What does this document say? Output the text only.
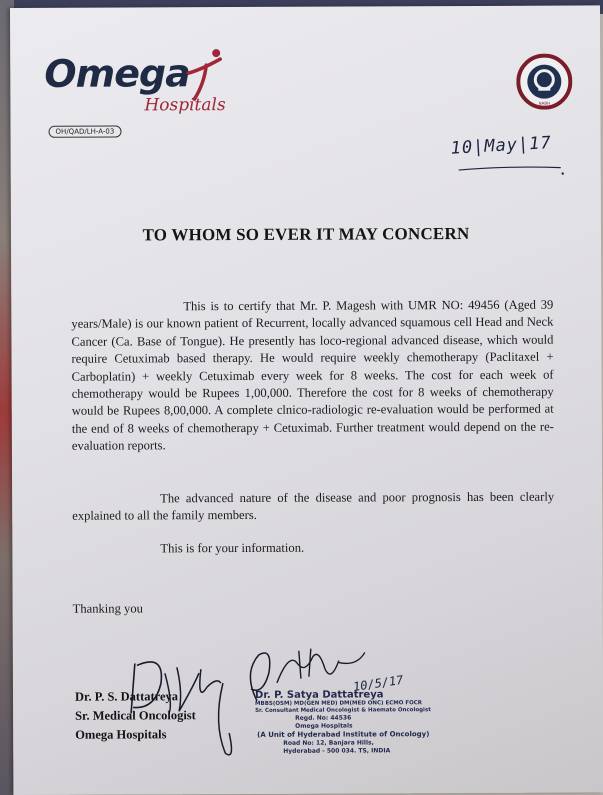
Omega
Hospitals
OH/QAD/LH-A-03
NABH
10|May|17
TO WHOM SO EVER IT MAY CONCERN

This is to certify that Mr. P. Magesh with UMR NO: 49456 (Aged 39 years/Male) is our known patient of Recurrent, locally advanced squamous cell Head and Neck Cancer (Ca. Base of Tongue). He presently has loco-regional advanced disease, which would require Cetuximab based therapy. He would require weekly chemotherapy (Paclitaxel + Carboplatin) + weekly Cetuximab every week for 8 weeks. The cost for each week of chemotherapy would be Rupees 1,00,000. Therefore the cost for 8 weeks of chemotherapy would be Rupees 8,00,000. A complete clnico-radiologic re-evaluation would be performed at the end of 8 weeks of chemotherapy + Cetuximab. Further treatment would depend on the re-evaluation reports.

The advanced nature of the disease and poor prognosis has been clearly explained to all the family members.

This is for your information.

Thanking you
Dr. P. S. Dattatreya
Sr. Medical Oncologist
Omega Hospitals
10/5/17
Dr. P. Satya Dattatreya
MBBS(OSM) MD(GEN MED) DM(MED ONC) ECMO FOCR
Sr. Consultant Medical Oncologist & Haemato Oncologist
Regd. No: 44536
Omega Hospitals
(A Unit of Hyderabad Institute of Oncology)
Road No: 12, Banjara Hills,
Hyderabad - 500 034. TS, INDIA
